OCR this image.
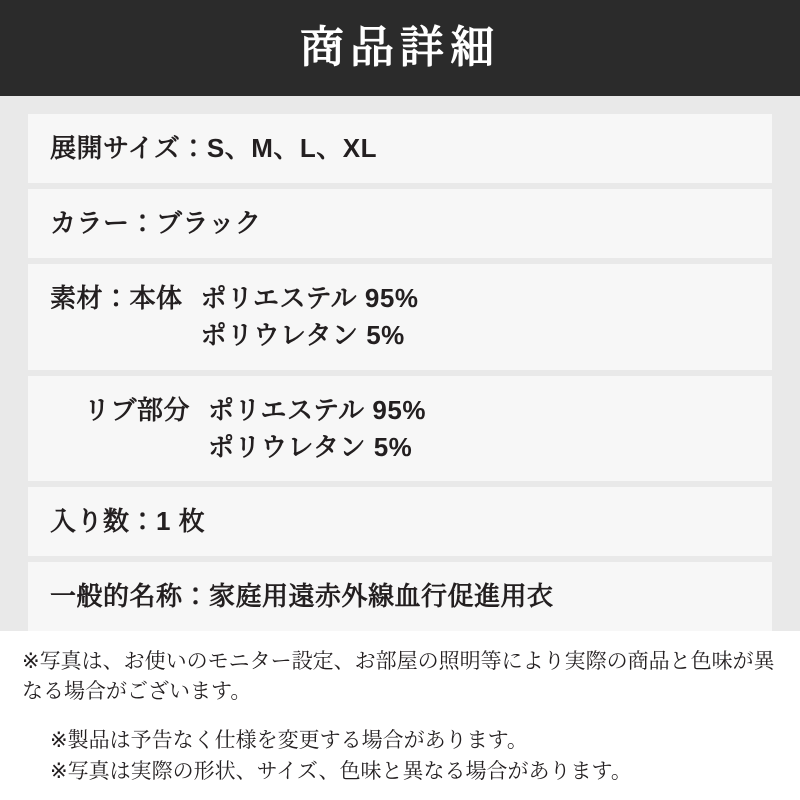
商品詳細
展開サイズ：S、M、L、XL
カラー：ブラック
素材：本体 ポリエステル 95%
ポリウレタン 5%
リブ部分 ポリエステル 95%
ポリウレタン 5%
入り数：1 枚
一般的名称：家庭用遠赤外線血行促進用衣

※写真は、お使いのモニター設定、お部屋の照明等により実際の商品と色味が異なる場合がございます。

※製品は予告なく仕様を変更する場合があります。

※写真は実際の形状、サイズ、色味と異なる場合があります。
